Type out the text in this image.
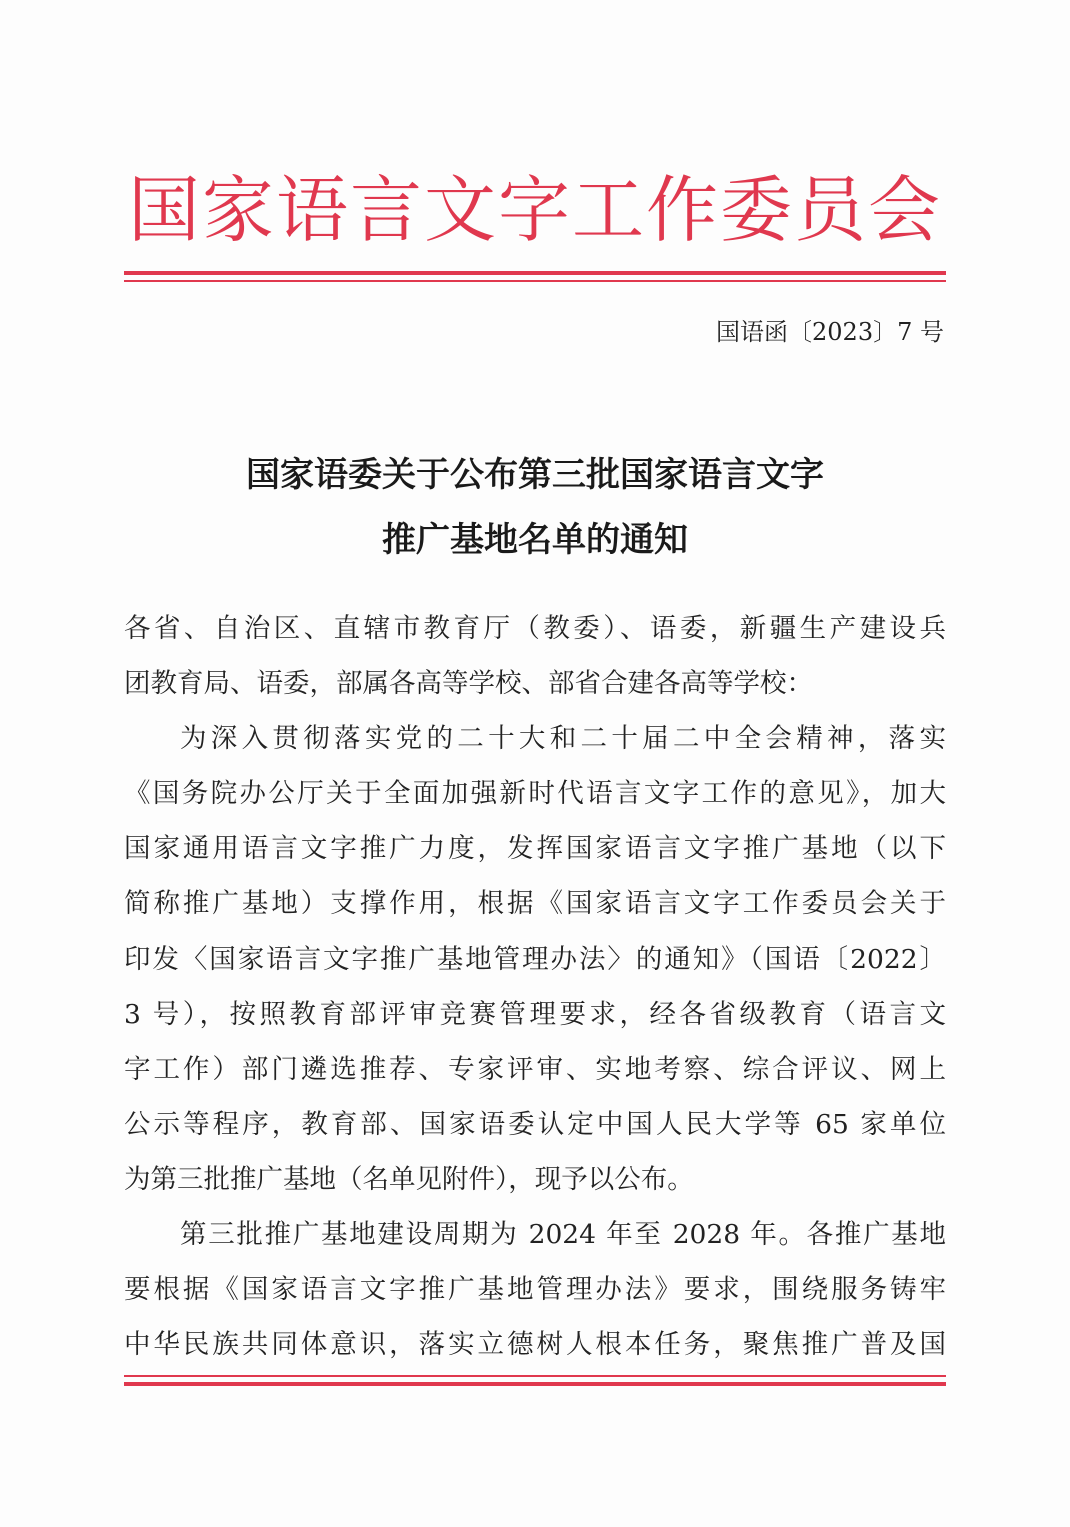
国家语言文字工作委员会
国语函〔2023〕7 号
国家语委关于公布第三批国家语言文字
推广基地名单的通知
各省、自治区、直辖市教育厅（教委）、语委，新疆生产建设兵
团教育局、语委，部属各高等学校、部省合建各高等学校：
为深入贯彻落实党的二十大和二十届二中全会精神，落实
《国务院办公厅关于全面加强新时代语言文字工作的意见》，加大
国家通用语言文字推广力度，发挥国家语言文字推广基地（以下
简称推广基地）支撑作用，根据《国家语言文字工作委员会关于
印发〈国家语言文字推广基地管理办法〉的通知》（国语〔2022〕
3 号），按照教育部评审竞赛管理要求，经各省级教育（语言文
字工作）部门遴选推荐、专家评审、实地考察、综合评议、网上
公示等程序，教育部、国家语委认定中国人民大学等 65 家单位
为第三批推广基地（名单见附件），现予以公布。
第三批推广基地建设周期为 2024 年至 2028 年。各推广基地
要根据《国家语言文字推广基地管理办法》要求，围绕服务铸牢
中华民族共同体意识，落实立德树人根本任务，聚焦推广普及国
